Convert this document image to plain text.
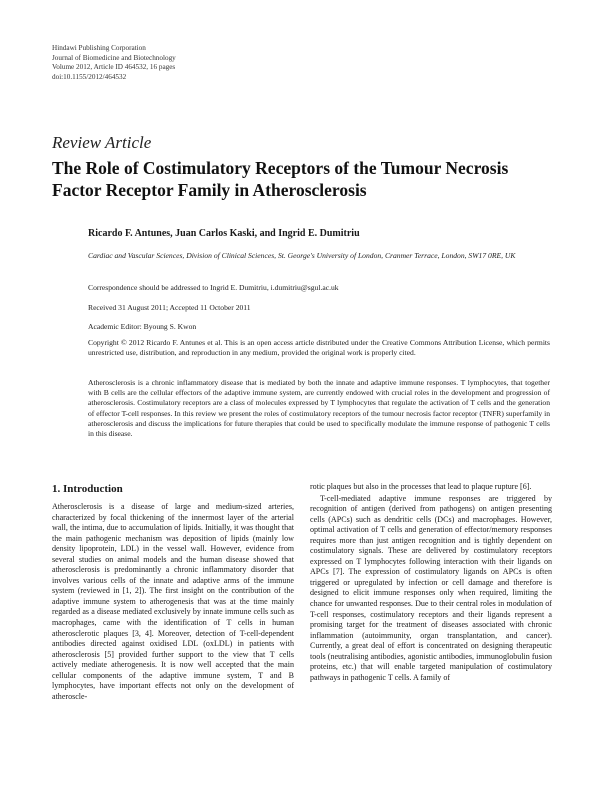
Hindawi Publishing Corporation
Journal of Biomedicine and Biotechnology
Volume 2012, Article ID 464532, 16 pages
doi:10.1155/2012/464532
Review Article
The Role of Costimulatory Receptors of the Tumour Necrosis Factor Receptor Family in Atherosclerosis
Ricardo F. Antunes, Juan Carlos Kaski, and Ingrid E. Dumitriu
Cardiac and Vascular Sciences, Division of Clinical Sciences, St. George's University of London, Cranmer Terrace, London, SW17 0RE, UK
Correspondence should be addressed to Ingrid E. Dumitriu, i.dumitriu@sgul.ac.uk
Received 31 August 2011; Accepted 11 October 2011
Academic Editor: Byoung S. Kwon
Copyright © 2012 Ricardo F. Antunes et al. This is an open access article distributed under the Creative Commons Attribution License, which permits unrestricted use, distribution, and reproduction in any medium, provided the original work is properly cited.
Atherosclerosis is a chronic inflammatory disease that is mediated by both the innate and adaptive immune responses. T lymphocytes, that together with B cells are the cellular effectors of the adaptive immune system, are currently endowed with crucial roles in the development and progression of atherosclerosis. Costimulatory receptors are a class of molecules expressed by T lymphocytes that regulate the activation of T cells and the generation of effector T-cell responses. In this review we present the roles of costimulatory receptors of the tumour necrosis factor receptor (TNFR) superfamily in atherosclerosis and discuss the implications for future therapies that could be used to specifically modulate the immune response of pathogenic T cells in this disease.
1. Introduction

Atherosclerosis is a disease of large and medium-sized arteries, characterized by focal thickening of the innermost layer of the arterial wall, the intima, due to accumulation of lipids. Initially, it was thought that the main pathogenic mechanism was deposition of lipids (mainly low density lipoprotein, LDL) in the vessel wall. However, evidence from several studies on animal models and the human disease showed that atherosclerosis is predominantly a chronic inflammatory disorder that involves various cells of the innate and adaptive arms of the immune system (reviewed in [1, 2]). The first insight on the contribution of the adaptive immune system to atherogenesis that was at the time mainly regarded as a disease mediated exclusively by innate immune cells such as macrophages, came with the identification of T cells in human atherosclerotic plaques [3, 4]. Moreover, detection of T-cell-dependent antibodies directed against oxidised LDL (oxLDL) in patients with atherosclerosis [5] provided further support to the view that T cells actively mediate atherogenesis. It is now well accepted that the main cellular components of the adaptive immune system, T and B lymphocytes, have important effects not only on the development of atheroscle-

rotic plaques but also in the processes that lead to plaque rupture [6].

T-cell-mediated adaptive immune responses are triggered by recognition of antigen (derived from pathogens) on antigen presenting cells (APCs) such as dendritic cells (DCs) and macrophages. However, optimal activation of T cells and generation of effector/memory responses requires more than just antigen recognition and is tightly dependent on costimulatory signals. These are delivered by costimulatory receptors expressed on T lymphocytes following interaction with their ligands on APCs [7]. The expression of costimulatory ligands on APCs is often triggered or upregulated by infection or cell damage and therefore is designed to elicit immune responses only when required, limiting the chance for unwanted responses. Due to their central roles in modulation of T-cell responses, costimulatory receptors and their ligands represent a promising target for the treatment of diseases associated with chronic inflammation (autoimmunity, organ transplantation, and cancer). Currently, a great deal of effort is concentrated on designing therapeutic tools (neutralising antibodies, agonistic antibodies, immunoglobulin fusion proteins, etc.) that will enable targeted manipulation of costimulatory pathways in pathogenic T cells. A family of
